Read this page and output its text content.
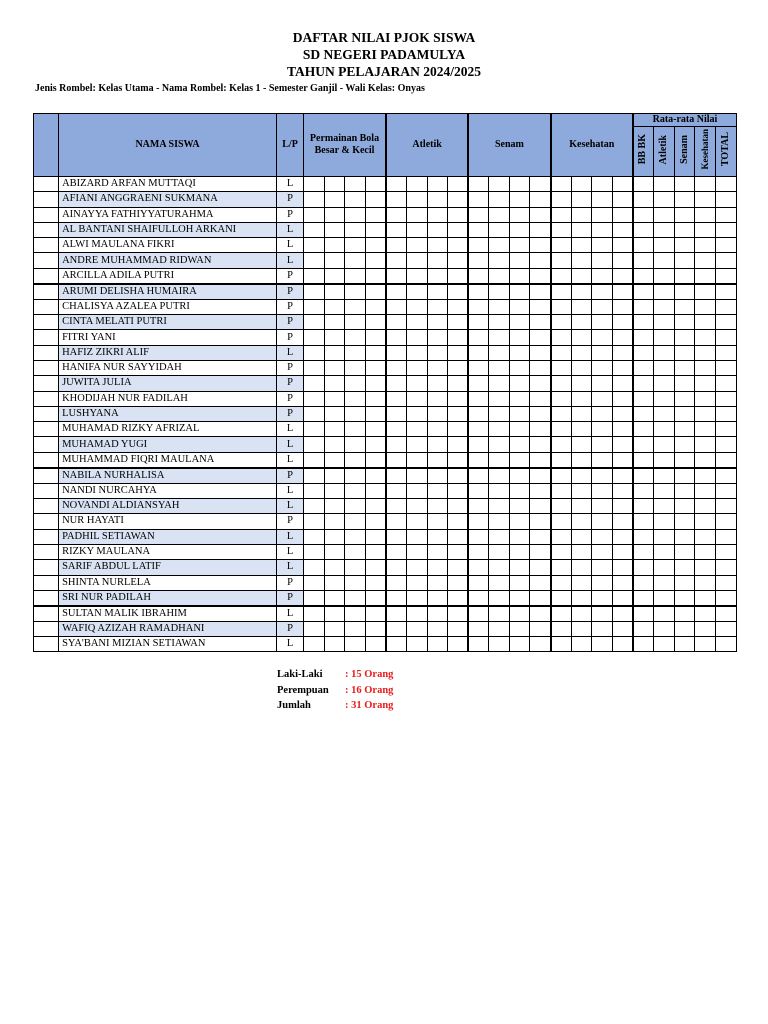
DAFTAR NILAI PJOK SISWA
SD NEGERI PADAMULYA
TAHUN PELAJARAN 2024/2025
Jenis Rombel: Kelas Utama - Nama Rombel: Kelas 1 - Semester Ganjil - Wali Kelas: Onyas
	NAMA SISWA	L/P	Permainan Bola Besar & Kecil				Atletik				Senam				Kesehatan				Rata-rata Nilai				
																			BB BK	Atletik	Senam	Kesehatan	TOTAL
	ABIZARD ARFAN MUTTAQI	L																					
	AFIANI ANGGRAENI SUKMANA	P																					
	AINAYYA FATHIYYATURAHMA	P																					
	AL BANTANI SHAIFULLOH ARKANI	L																					
	ALWI MAULANA FIKRI	L																					
	ANDRE MUHAMMAD RIDWAN	L																					
	ARCILLA ADILA PUTRI	P																					
	ARUMI DELISHA HUMAIRA	P																					
	CHALISYA AZALEA PUTRI	P																					
	CINTA MELATI PUTRI	P																					
	FITRI YANI	P																					
	HAFIZ ZIKRI ALIF	L																					
	HANIFA NUR SAYYIDAH	P																					
	JUWITA JULIA	P																					
	KHODIJAH NUR FADILAH	P																					
	LUSHYANA	P																					
	MUHAMAD RIZKY AFRIZAL	L																					
	MUHAMAD YUGI	L																					
	MUHAMMAD FIQRI MAULANA	L																					
	NABILA NURHALISA	P																					
	NANDI NURCAHYA	L																					
	NOVANDI ALDIANSYAH	L																					
	NUR HAYATI	P																					
	PADHIL SETIAWAN	L																					
	RIZKY MAULANA	L																					
	SARIF ABDUL LATIF	L																					
	SHINTA NURLELA	P																					
	SRI NUR PADILAH	P																					
	SULTAN MALIK IBRAHIM	L																					
	WAFIQ AZIZAH RAMADHANI	P																					
	SYA'BANI MIZIAN SETIAWAN	L																					
Laki-Laki	: 15 Orang
Perempuan	: 16 Orang
Jumlah	: 31 Orang
